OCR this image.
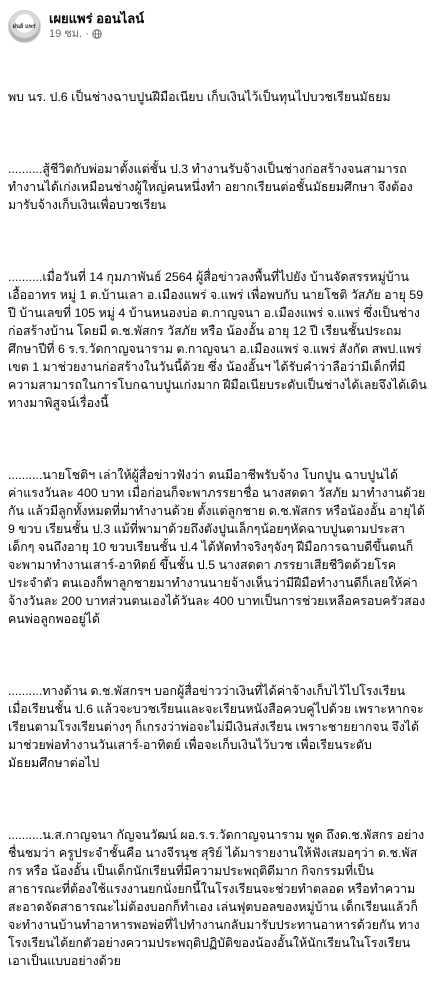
ฝนย์ แพร่ เผยแพร่ ออนไลน์
19 ชม. ·

พบ นร. ป.6 เป็นช่างฉาบปูนฝีมือเนียบ เก็บเงินไว้เป็นทุนไปบวชเรียนมัธยม

..........สู้ชีวิตกับพ่อมาตั้งแต่ชั้น ป.3 ทำงานรับจ้างเป็นช่างก่อสร้างจนสามารถทำงานได้เก่งเหมือนช่างผู้ใหญ่คนหนึ่งทำ อยากเรียนต่อชั้นมัธยมศึกษา จึงต้องมารับจ้างเก็บเงินเพื่อบวชเรียน

..........เมื่อวันที่ 14 กุมภาพันธ์ 2564 ผู้สื่อข่าวลงพื้นที่ไปยัง บ้านจัดสรรหมู่บ้านเอื้ออาทร หมู่ 1 ต.บ้านเลา อ.เมืองแพร่ จ.แพร่ เพื่อพบกับ นายโชติ วัสภัย อายุ 59 ปี บ้านเลขที่ 105 หมู่ 4 บ้านหนองบ่อ ต.กาญจนา อ.เมืองแพร่ จ.แพร่ ซึ่งเป็นช่างก่อสร้างบ้าน โดยมี ด.ช.พัสกร วัสภัย หรือ น้องอั้น อายุ 12 ปี เรียนชั้นประถมศึกษาปีที่ 6 ร.ร.วัดกาญจนาราม ต.กาญจนา อ.เมืองแพร่ จ.แพร่ สังกัด สพป.แพร่ เขต 1 มาช่วยงานก่อสร้างในวันนี้ด้วย ซึ่ง น้องอั้นฯ ได้รับคำว่าลือว่ามีเด็กที่มีความสามารถในการโบกฉาบปูนเก่งมาก ฝีมือเนียบระดับเป็นช่างได้เลยจึงได้เดินทางมาพิสูจน์เรื่องนี้

..........นายโชติฯ เล่าให้ผู้สื่อข่าวฟังว่า ตนมีอาชีพรับจ้าง โบกปูน ฉาบปูนได้ค่าแรงวันละ 400 บาท เมื่อก่อนก็จะพาภรรยาชื่อ นางสดดา วัสภัย มาทำงานด้วยกัน แล้วมีลูกทั้งหมดที่มาทำงานด้วย ตั้งแต่ลูกชาย ด.ช.พัสกร หรือน้องอั้น อายุได้ 9 ขวบ เรียนชั้น ป.3 แม้ที่พามาด้วยถึงตังปูนเล็กๆน้อยๆหัดฉาบปูนตามประสาเด็กๆ จนถึงอายุ 10 ขวบเรียนชั้น ป.4 ได้หัดทำจริงๆจังๆ ฝีมือการฉาบดีขึ้นตนก็จะพามาทำงานเสาร์-อาทิตย์ ขึ้นชั้น ป.5 นางสดดา ภรรยาเสียชีวิตด้วยโรคประจำตัว ตนเองก็พาลูกชายมาทำงานนายจ้างเห็นว่ามีฝีมือทำงานดีก็เลยให้ค่าจ้างวันละ 200 บาทส่วนตนเองได้วันละ 400 บาทเป็นการช่วยเหลือครอบครัวสองคนพ่อลูกพออยู่ได้

..........ทางด้าน ด.ช.พัสกรฯ บอกผู้สื่อข่าวว่าเงินที่ได้ค่าจ้างเก็บไว้ไปโรงเรียน เมื่อเรียนชั้น ป.6 แล้วจะบวชเรียนและจะเรียนหนังสือควบคู่ไปด้วย เพราะหากจะเรียนตามโรงเรียนต่างๆ ก็เกรงว่าพ่อจะไม่มีเงินส่งเรียน เพราะชายยากจน จึงได้มาช่วยพ่อทำงานวันเสาร์-อาทิตย์ เพื่อจะเก็บเงินไว้บวช เพื่อเรียนระดับมัธยมศึกษาต่อไป

..........น.ส.กาญจนา กัญจนวัฒน์ ผอ.ร.ร.วัดกาญจนาราม พูด ถึงด.ช.พัสกร อย่างชื่นชมว่า ครูประจำชั้นคือ นางจีรนุช สุริย์ ได้มารายงานให้ฟังเสมอๆว่า ด.ช.พัสกร หรือ น้องอั้น เป็นเด็กนักเรียนที่มีความประพฤติดีมาก กิจกรรมที่เป็นสาธารณะที่ต้องใช้แรงงานยกนั่งยกนี้ในโรงเรียนจะช่วยทำตลอด หรือทำความสะอาดจัดสาธารณะไม่ต้องบอกก็ทำเอง เล่นฟุตบอลของหมู่บ้าน เด็กเรียนแล้วก็จะทำงานบ้านทำอาหารพอพ่อที่ไปทำงานกลับมารับประทานอาหารด้วยกัน ทางโรงเรียนได้ยกตัวอย่างความประพฤติปฏิบัติของน้องอั้นให้นักเรียนในโรงเรียนเอาเป็นแบบอย่างด้วย
